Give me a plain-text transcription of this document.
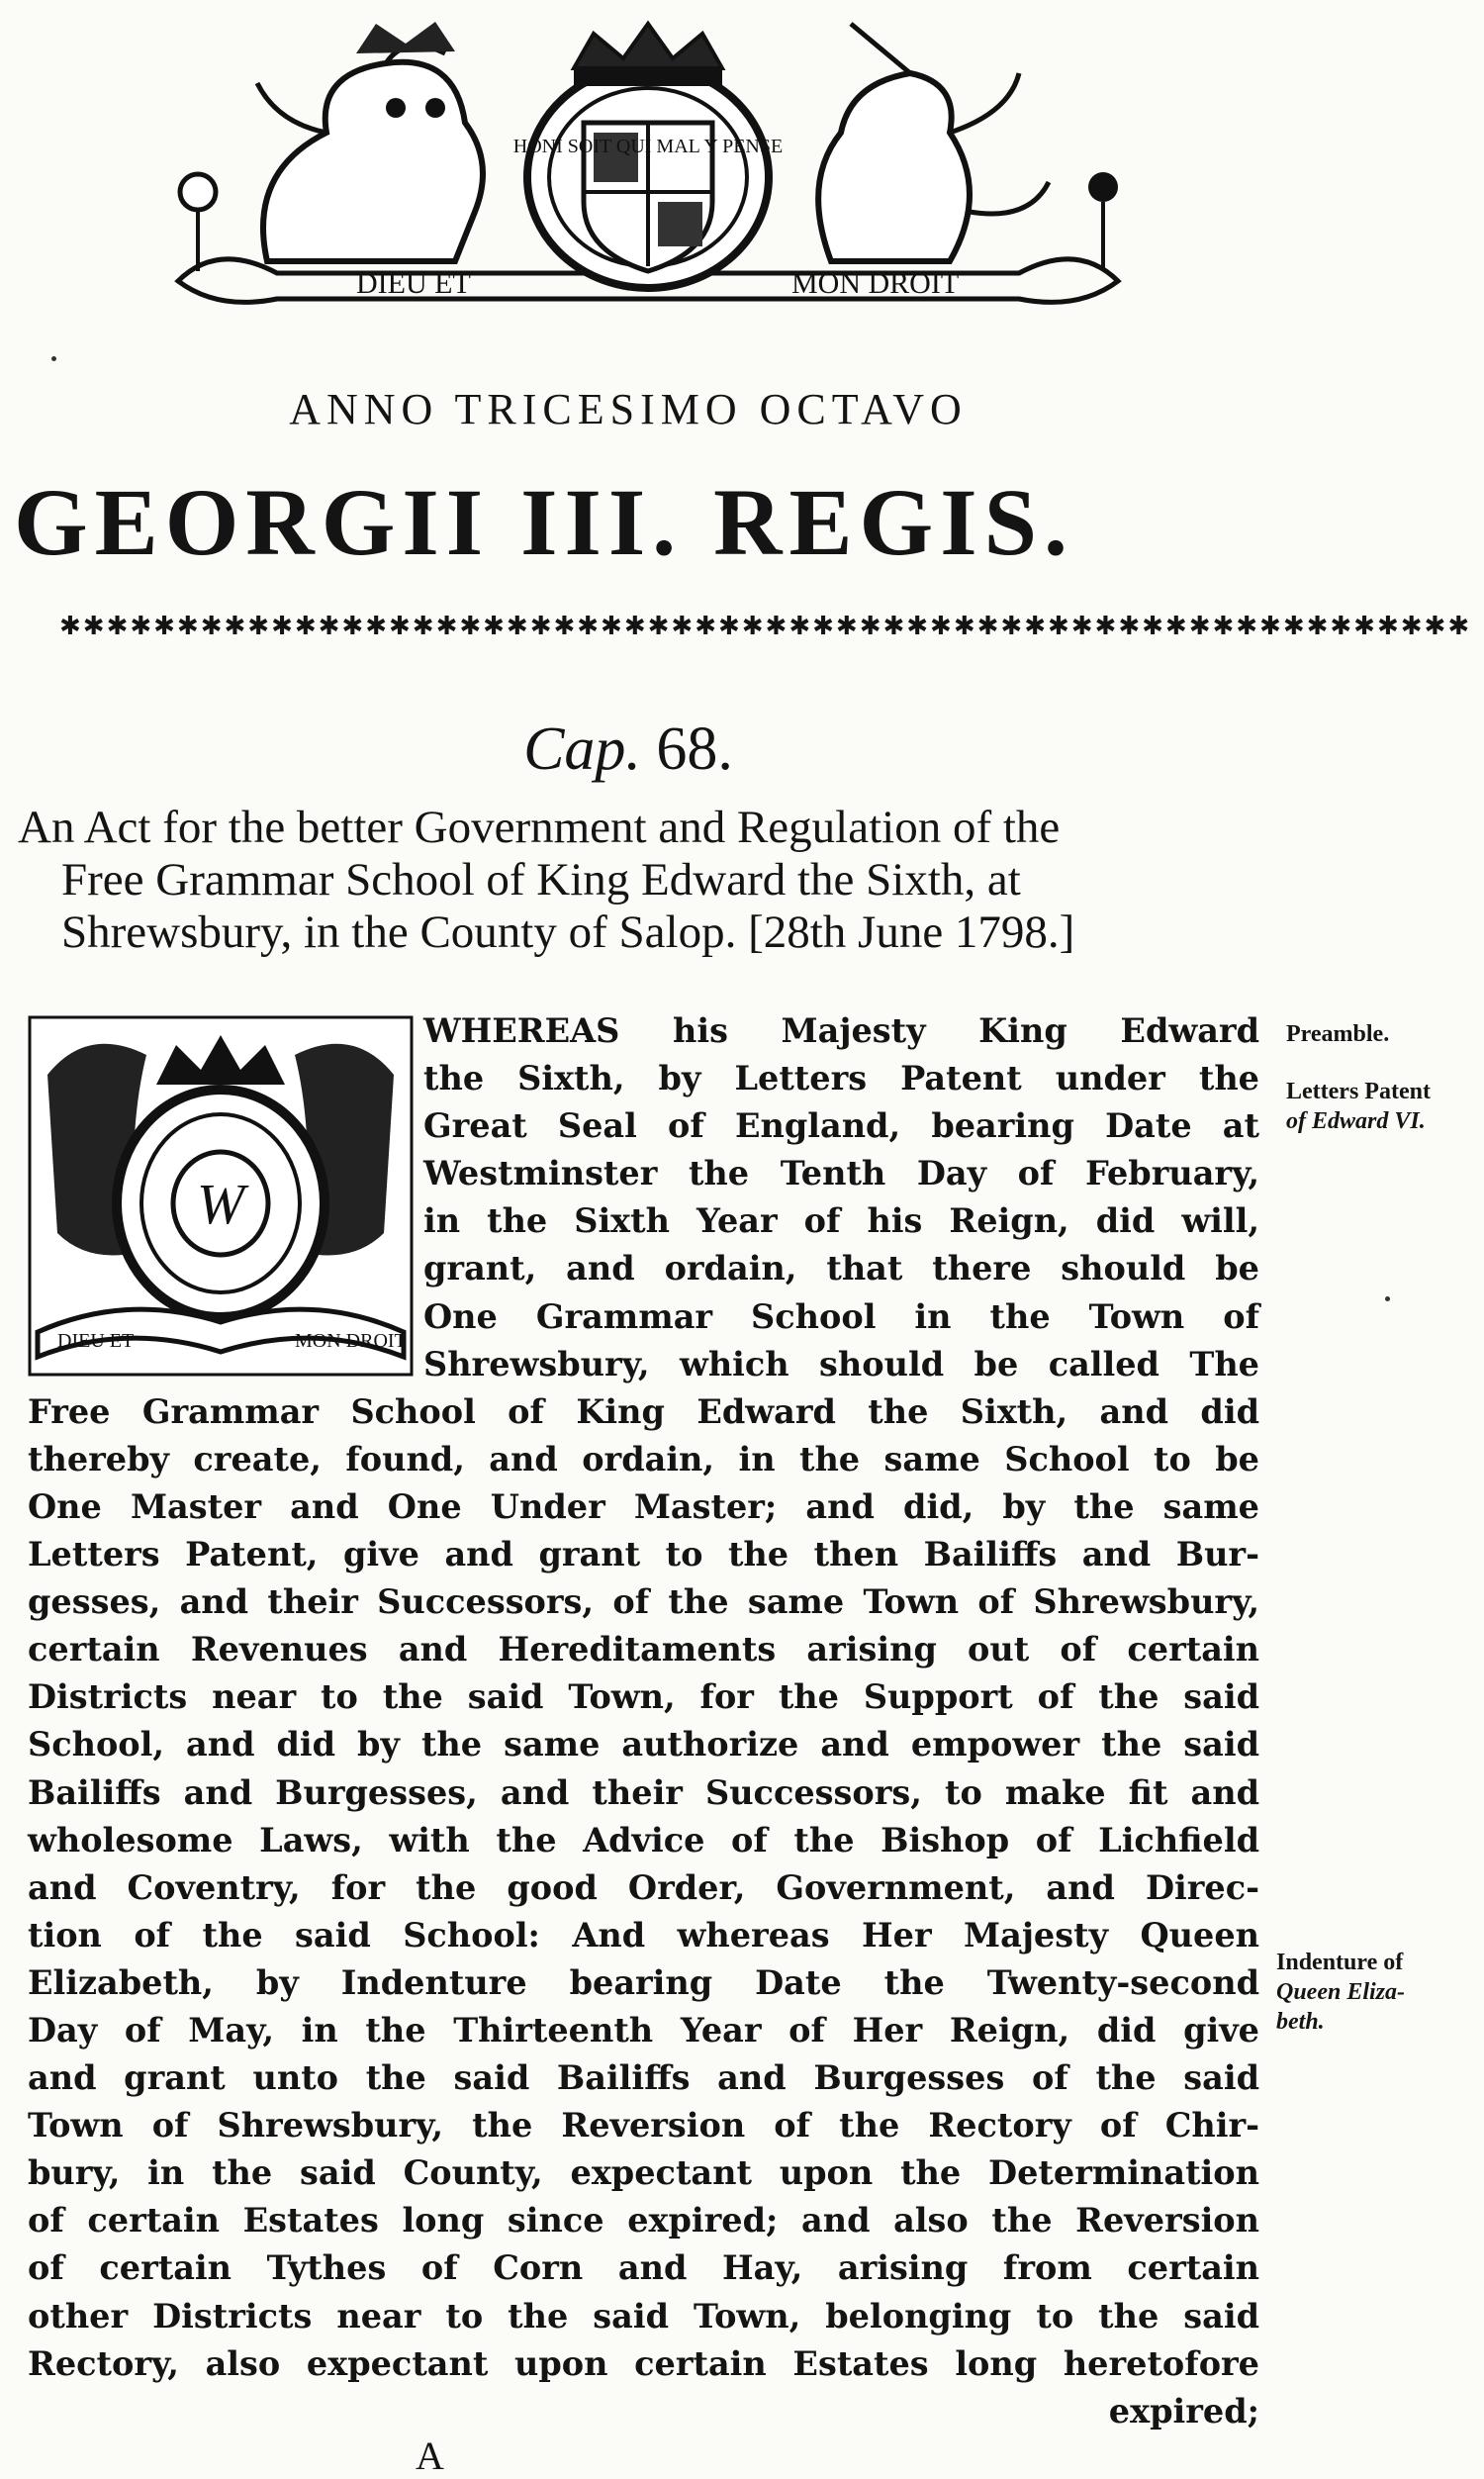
HONI SOIT QUI MAL Y PENSE
DIEU ET	MON DROIT
ANNO TRICESIMO OCTAVO
GEORGII III. REGIS.
✱✱✱✱✱✱✱✱✱✱✱✱✱✱✱✱✱✱✱✱✱✱✱✱✱✱✱✱✱✱✱✱✱✱✱✱✱✱✱✱✱✱✱✱✱✱✱✱✱✱✱✱✱✱✱✱✱✱✱✱
Cap. 68.
An Act for the better Government and Regulation of the
Free Grammar School of King Edward the Sixth, at
Shrewsbury, in the County of Salop. [28th June 1798.]
W
DIEU ET	MON DROIT
WHEREAS his Majesty King Edward
the Sixth, by Letters Patent under the
Great Seal of England, bearing Date at
Westminster the Tenth Day of February,
in the Sixth Year of his Reign, did will,
grant, and ordain, that there should be
One Grammar School in the Town of
Shrewsbury, which should be called The
Free Grammar School of King Edward the Sixth, and did
thereby create, found, and ordain, in the same School to be
One Master and One Under Master; and did, by the same
Letters Patent, give and grant to the then Bailiffs and Bur-
gesses, and their Successors, of the same Town of Shrewsbury,
certain Revenues and Hereditaments arising out of certain
Districts near to the said Town, for the Support of the said
School, and did by the same authorize and empower the said
Bailiffs and Burgesses, and their Successors, to make fit and
wholesome Laws, with the Advice of the Bishop of Lichfield
and Coventry, for the good Order, Government, and Direc-
tion of the said School: And whereas Her Majesty Queen
Elizabeth, by Indenture bearing Date the Twenty-second
Day of May, in the Thirteenth Year of Her Reign, did give
and grant unto the said Bailiffs and Burgesses of the said
Town of Shrewsbury, the Reversion of the Rectory of Chir-
bury, in the said County, expectant upon the Determination
of certain Estates long since expired; and also the Reversion
of certain Tythes of Corn and Hay, arising from certain
other Districts near to the said Town, belonging to the said
Rectory, also expectant upon certain Estates long heretofore
expired;
A
Preamble.
Letters Patent
of Edward VI.
Indenture of
Queen Eliza-
beth.
